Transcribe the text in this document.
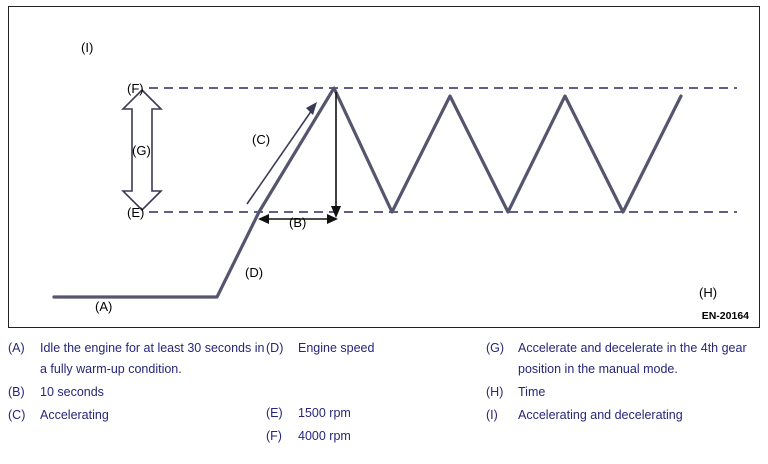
(I)
(F)
(E)
(G)
(C)
(B)
(D)
(A)
(H)
EN-20164
(A)	Idle the engine for at least 30 seconds in a fully warm-up condition.
(B)	10 seconds
(C)	Accelerating
(D)	Engine speed
(E)	1500 rpm
(F)	4000 rpm
(G)	Accelerate and decelerate in the 4th gear position in the manual mode.
(H)	Time
(I)	Accelerating and decelerating
